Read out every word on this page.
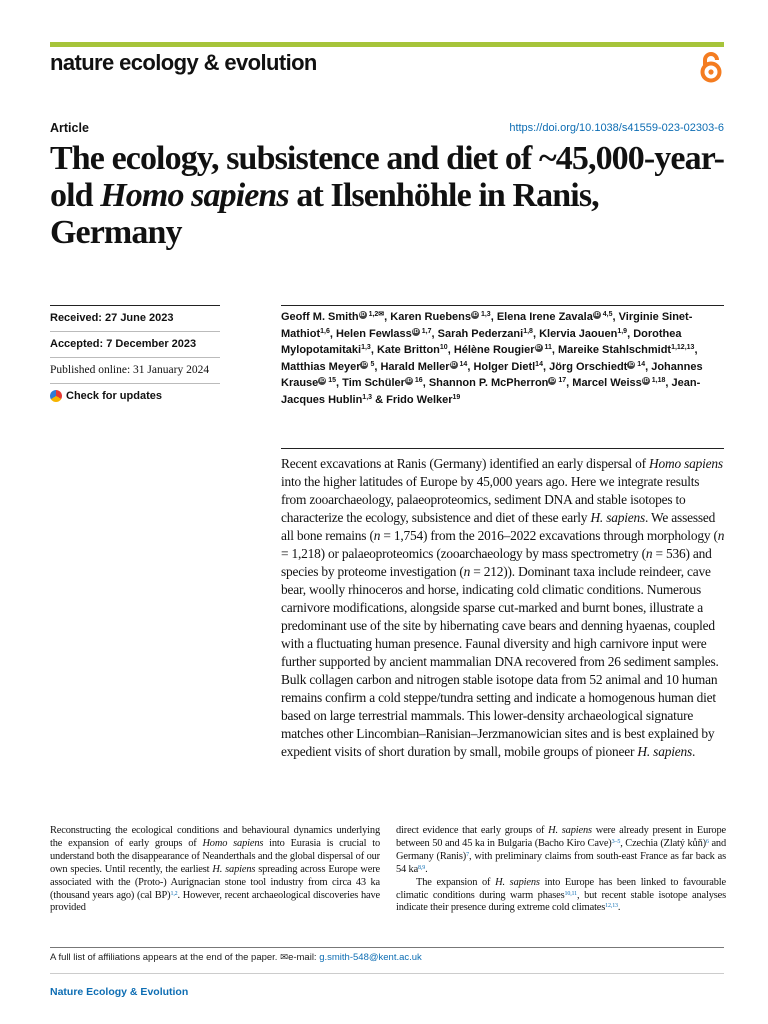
nature ecology & evolution
Article	https://doi.org/10.1038/s41559-023-02303-6
The ecology, subsistence and diet of ~45,000-year-old Homo sapiens at Ilsenhöhle in Ranis, Germany
Received: 27 June 2023
Accepted: 7 December 2023
Published online: 31 January 2024
Check for updates
Geoff M. Smith$^{iD 1,2✉}$, Karen Ruebens$^{iD 1,3}$, Elena Irene Zavala$^{iD 4,5}$, Virginie Sinet-Mathiot$^{1,6}$, Helen Fewlass$^{iD 1,7}$, Sarah Pederzani$^{1,8}$, Klervia Jaouen$^{1,9}$, Dorothea Mylopotamitaki$^{1,3}$, Kate Britton$^{10}$, Hélène Rougier$^{iD 11}$, Mareike Stahlschmidt$^{1,12,13}$, Matthias Meyer$^{iD 5}$, Harald Meller$^{iD 14}$, Holger Dietl$^{14}$, Jörg Orschiedt$^{iD 14}$, Johannes Krause$^{iD 15}$, Tim Schüler$^{iD 16}$, Shannon P. McPherron$^{iD 17}$, Marcel Weiss$^{iD 1,18}$, Jean-Jacques Hublin$^{1,3}$ & Frido Welker$^{19}$

Recent excavations at Ranis (Germany) identified an early dispersal of Homo sapiens into the higher latitudes of Europe by 45,000 years ago. Here we integrate results from zooarchaeology, palaeoproteomics, sediment DNA and stable isotopes to characterize the ecology, subsistence and diet of these early H. sapiens. We assessed all bone remains (n = 1,754) from the 2016–2022 excavations through morphology (n = 1,218) or palaeoproteomics (zooarchaeology by mass spectrometry (n = 536) and species by proteome investigation (n = 212)). Dominant taxa include reindeer, cave bear, woolly rhinoceros and horse, indicating cold climatic conditions. Numerous carnivore modifications, alongside sparse cut-marked and burnt bones, illustrate a predominant use of the site by hibernating cave bears and denning hyaenas, coupled with a fluctuating human presence. Faunal diversity and high carnivore input were further supported by ancient mammalian DNA recovered from 26 sediment samples. Bulk collagen carbon and nitrogen stable isotope data from 52 animal and 10 human remains confirm a cold steppe/tundra setting and indicate a homogenous human diet based on large terrestrial mammals. This lower-density archaeological signature matches other Lincombian–Ranisian–Jerzmanowician sites and is best explained by expedient visits of short duration by small, mobile groups of pioneer H. sapiens.

Reconstructing the ecological conditions and behavioural dynamics underlying the expansion of early groups of Homo sapiens into Eurasia is crucial to understand both the disappearance of Neanderthals and the global dispersal of our own species. Until recently, the earliest H. sapiens spreading across Europe were associated with the (Proto-) Aurignacian stone tool industry from circa 43 ka (thousand years ago) (cal BP)$^{1,2}$. However, recent archaeological discoveries have provided

direct evidence that early groups of H. sapiens were already present in Europe between 50 and 45 ka in Bulgaria (Bacho Kiro Cave)$^{3-5}$, Czechia (Zlatý kůň)$^6$ and Germany (Ranis)$^7$, with preliminary claims from south-east France as far back as 54 ka$^{8,9}$.

The expansion of H. sapiens into Europe has been linked to favourable climatic conditions during warm phases$^{10,11}$, but recent stable isotope analyses indicate their presence during extreme cold climates$^{12,13}$.

A full list of affiliations appears at the end of the paper. ✉e-mail: g.smith-548@kent.ac.uk
Nature Ecology & Evolution
